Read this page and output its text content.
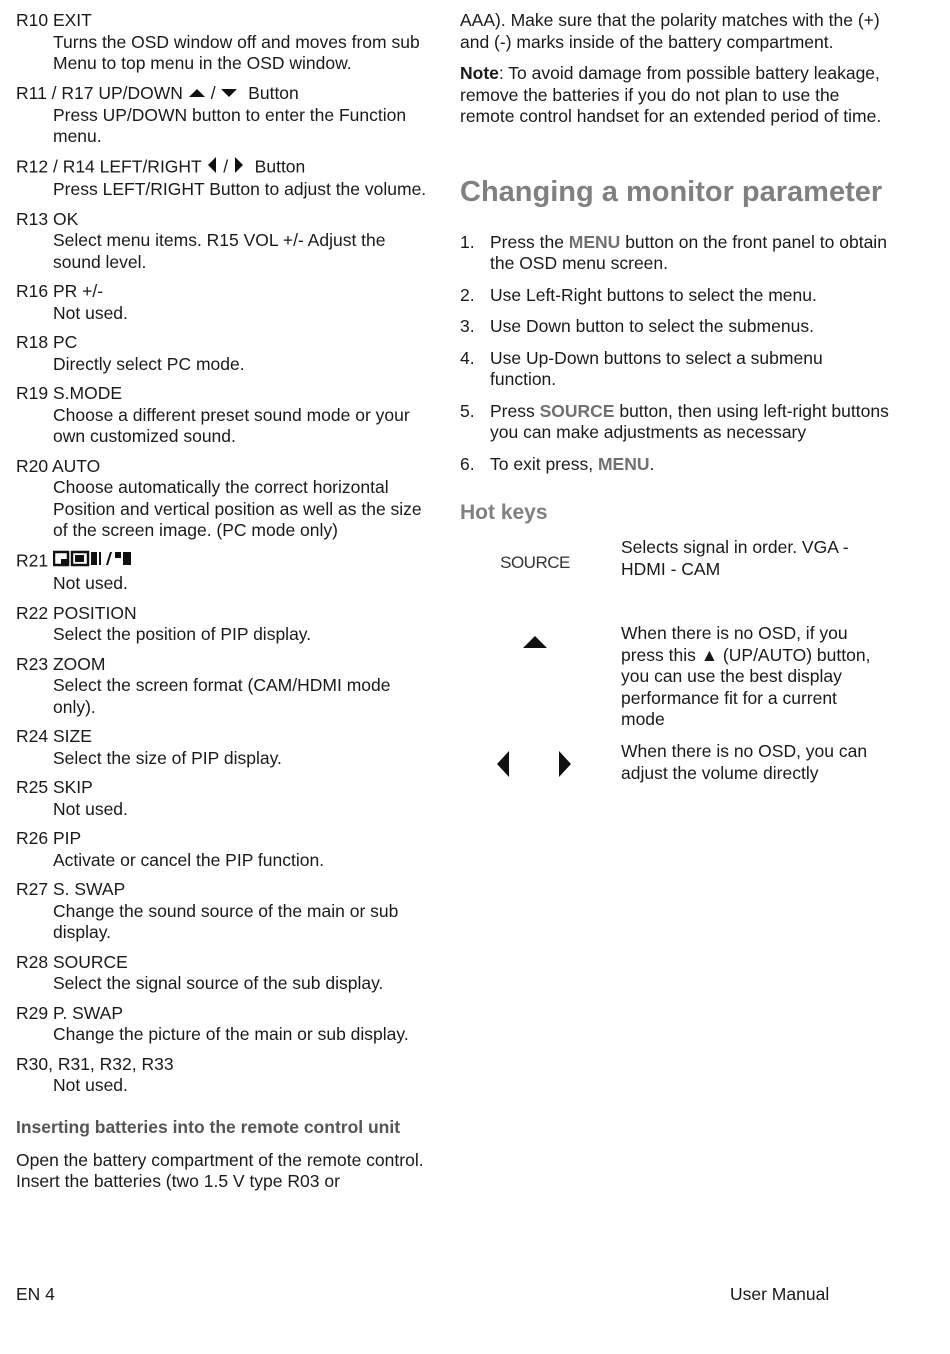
R10 EXIT
Turns the OSD window off and moves from sub Menu to top menu in the OSD window.
R11 / R17 UP/DOWN / Button
Press UP/DOWN button to enter the Function menu.
R12 / R14 LEFT/RIGHT / Button
Press LEFT/RIGHT Button to adjust the volume.
R13 OK
Select menu items. R15 VOL +/- Adjust the sound level.
R16 PR +/-
Not used.
R18 PC
Directly select PC mode.
R19 S.MODE
Choose a different preset sound mode or your own customized sound.
R20 AUTO
Choose automatically the correct horizontal Position and vertical position as well as the size of the screen image. (PC mode only)
R21
Not used.
R22 POSITION
Select the position of PIP display.
R23 ZOOM
Select the screen format (CAM/HDMI mode only).
R24 SIZE
Select the size of PIP display.
R25 SKIP
Not used.
R26 PIP
Activate or cancel the PIP function.
R27 S. SWAP
Change the sound source of the main or sub display.
R28 SOURCE
Select the signal source of the sub display.
R29 P. SWAP
Change the picture of the main or sub display.
R30, R31, R32, R33
Not used.
Inserting batteries into the remote control unit

Open the battery compartment of the remote control. Insert the batteries (two 1.5 V type R03 or

AAA). Make sure that the polarity matches with the (+) and (-) marks inside of the battery compartment.

Note: To avoid damage from possible battery leakage, remove the batteries if you do not plan to use the remote control handset for an extended period of time.

Changing a monitor parameter
1. Press the MENU button on the front panel to obtain the OSD menu screen.
2. Use Left-Right buttons to select the menu.
3. Use Down button to select the submenus.
4. Use Up-Down buttons to select a submenu function.
5. Press SOURCE button, then using left-right buttons you can make adjustments as necessary
6. To exit press, MENU.
Hot keys
SOURCE
Selects signal in order. VGA - HDMI - CAM
When there is no OSD, if you press this ▲ (UP/AUTO) button, you can use the best display performance fit for a current mode
When there is no OSD, you can adjust the volume directly
EN 4	User Manual
